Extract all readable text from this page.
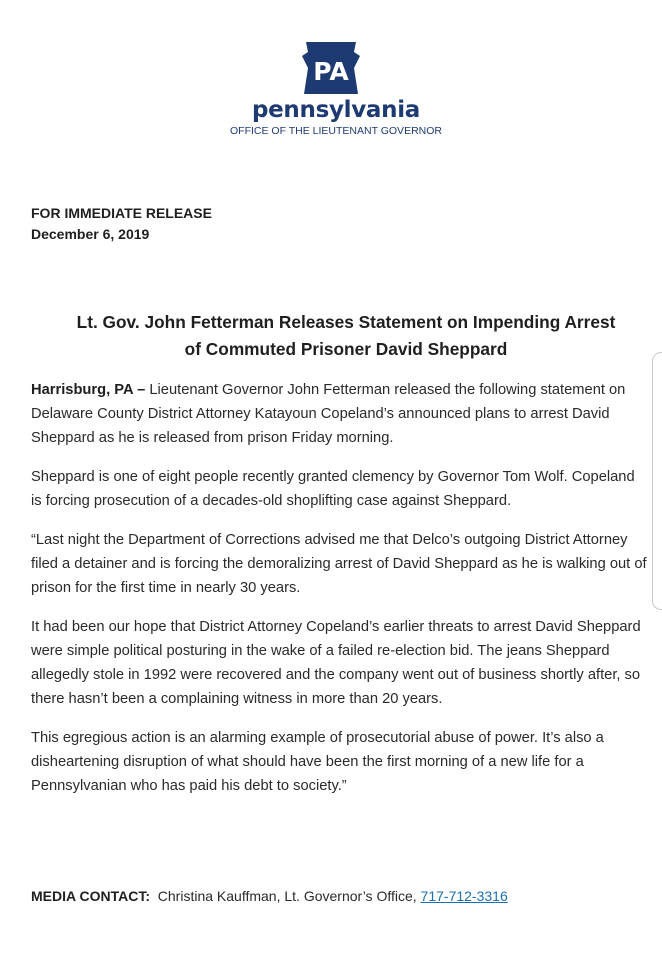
PA
pennsylvania
OFFICE OF THE LIEUTENANT GOVERNOR
FOR IMMEDIATE RELEASE
December 6, 2019
Lt. Gov. John Fetterman Releases Statement on Impending Arrest
of Commuted Prisoner David Sheppard

Harrisburg, PA – Lieutenant Governor John Fetterman released the following statement on Delaware County District Attorney Katayoun Copeland’s announced plans to arrest David Sheppard as he is released from prison Friday morning.

Sheppard is one of eight people recently granted clemency by Governor Tom Wolf. Copeland is forcing prosecution of a decades-old shoplifting case against Sheppard.

“Last night the Department of Corrections advised me that Delco’s outgoing District Attorney filed a detainer and is forcing the demoralizing arrest of David Sheppard as he is walking out of prison for the first time in nearly 30 years.

It had been our hope that District Attorney Copeland’s earlier threats to arrest David Sheppard were simple political posturing in the wake of a failed re-election bid. The jeans Sheppard allegedly stole in 1992 were recovered and the company went out of business shortly after, so there hasn’t been a complaining witness in more than 20 years.

This egregious action is an alarming example of prosecutorial abuse of power. It’s also a disheartening disruption of what should have been the first morning of a new life for a Pennsylvanian who has paid his debt to society.”

MEDIA CONTACT: Christina Kauffman, Lt. Governor’s Office, 717-712-3316
